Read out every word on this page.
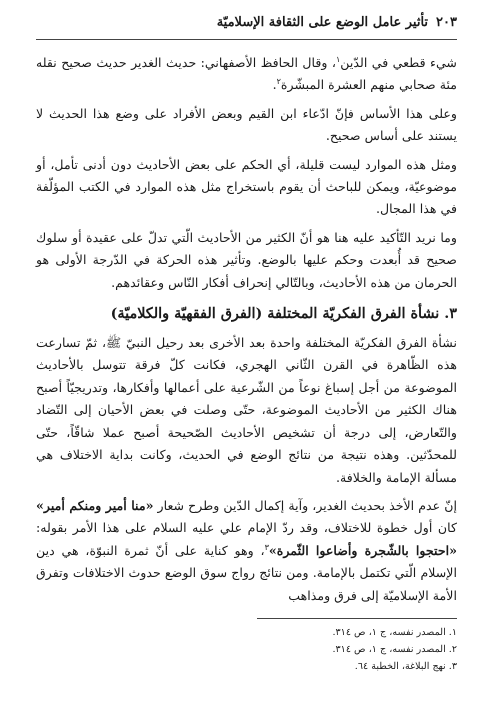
٢٠٣
تأثير عامل الوضع على الثقافة الإسلاميّة

شيء قطعي في الدّين$^١$، وقال الحافظ الأصفهاني: حديث الغدير حديث صحيح نقله مئة صحابي منهم العشرة المبشّرة$^٢$.

وعلى هذا الأساس فإنّ ادّعاء ابن القيم وبعض الأفراد على وضع هذا الحديث لا يستند على أساس صحيح.

ومثل هذه الموارد ليست قليلة، أي الحكم على بعض الأحاديث دون أدنى تأمل، أو موضوعيّة، ويمكن للباحث أن يقوم باستخراج مثل هذه الموارد في الكتب المؤلّفة في هذا المجال.

وما نريد التّأكيد عليه هنا هو أنّ الكثير من الأحاديث الّتي تدلّ على عقيدة أو سلوك صحيح قد أُبعدت وحكم عليها بالوضع. وتأثير هذه الحركة في الدّرجة الأولى هو الحرمان من هذه الأحاديث، وبالتّالي إنحراف أفكار النّاس وعقائدهم.

٣. نشأة الفرق الفكريّة المختلفة (الفرق الفقهيّة والكلاميّة)

نشأة الفرق الفكريّة المختلفة واحدة بعد الأخرى بعد رحيل النبيّ ﷺ، ثمّ تسارعت هذه الظّاهرة في القرن الثّاني الهجري، فكانت كلّ فرقة تتوسل بالأحاديث الموضوعة من أجل إسباغ نوعاً من الشّرعية على أعمالها وأفكارها، وتدريجيّاً أصبح هناك الكثير من الأحاديث الموضوعة، حتّى وصلت في بعض الأحيان إلى التّضاد والتّعارض، إلى درجة أن تشخيص الأحاديث الصّحيحة أصبح عملا شاقّاً، حتّى للمحدّثين. وهذه نتيجة من نتائج الوضع في الحديث، وكانت بداية الاختلاف هي مسألة الإمامة والخلافة.

إنّ عدم الأخذ بحديث الغدير، وآية إكمال الدّين وطرح شعار «منا أمير ومنكم أمير» كان أول خطوة للاختلاف، وقد ردّ الإمام علي عليه السلام على هذا الأمر بقوله: «احتجوا بالشّجرة وأضاعوا الثّمرة»$^٣$، وهو كناية على أنّ ثمرة النبوّة، هي دين الإسلام الّتي تكتمل بالإمامة. ومن نتائج رواج سوق الوضع حدوث الاختلافات وتفرق الأمة الإسلاميّة إلى فرق ومذاهب

١. المصدر نفسه، ج ١، ص ٣١٤.

٢. المصدر نفسه، ج ١، ص ٣١٤.

٣. نهج البلاغة، الخطبة ٦٤.
